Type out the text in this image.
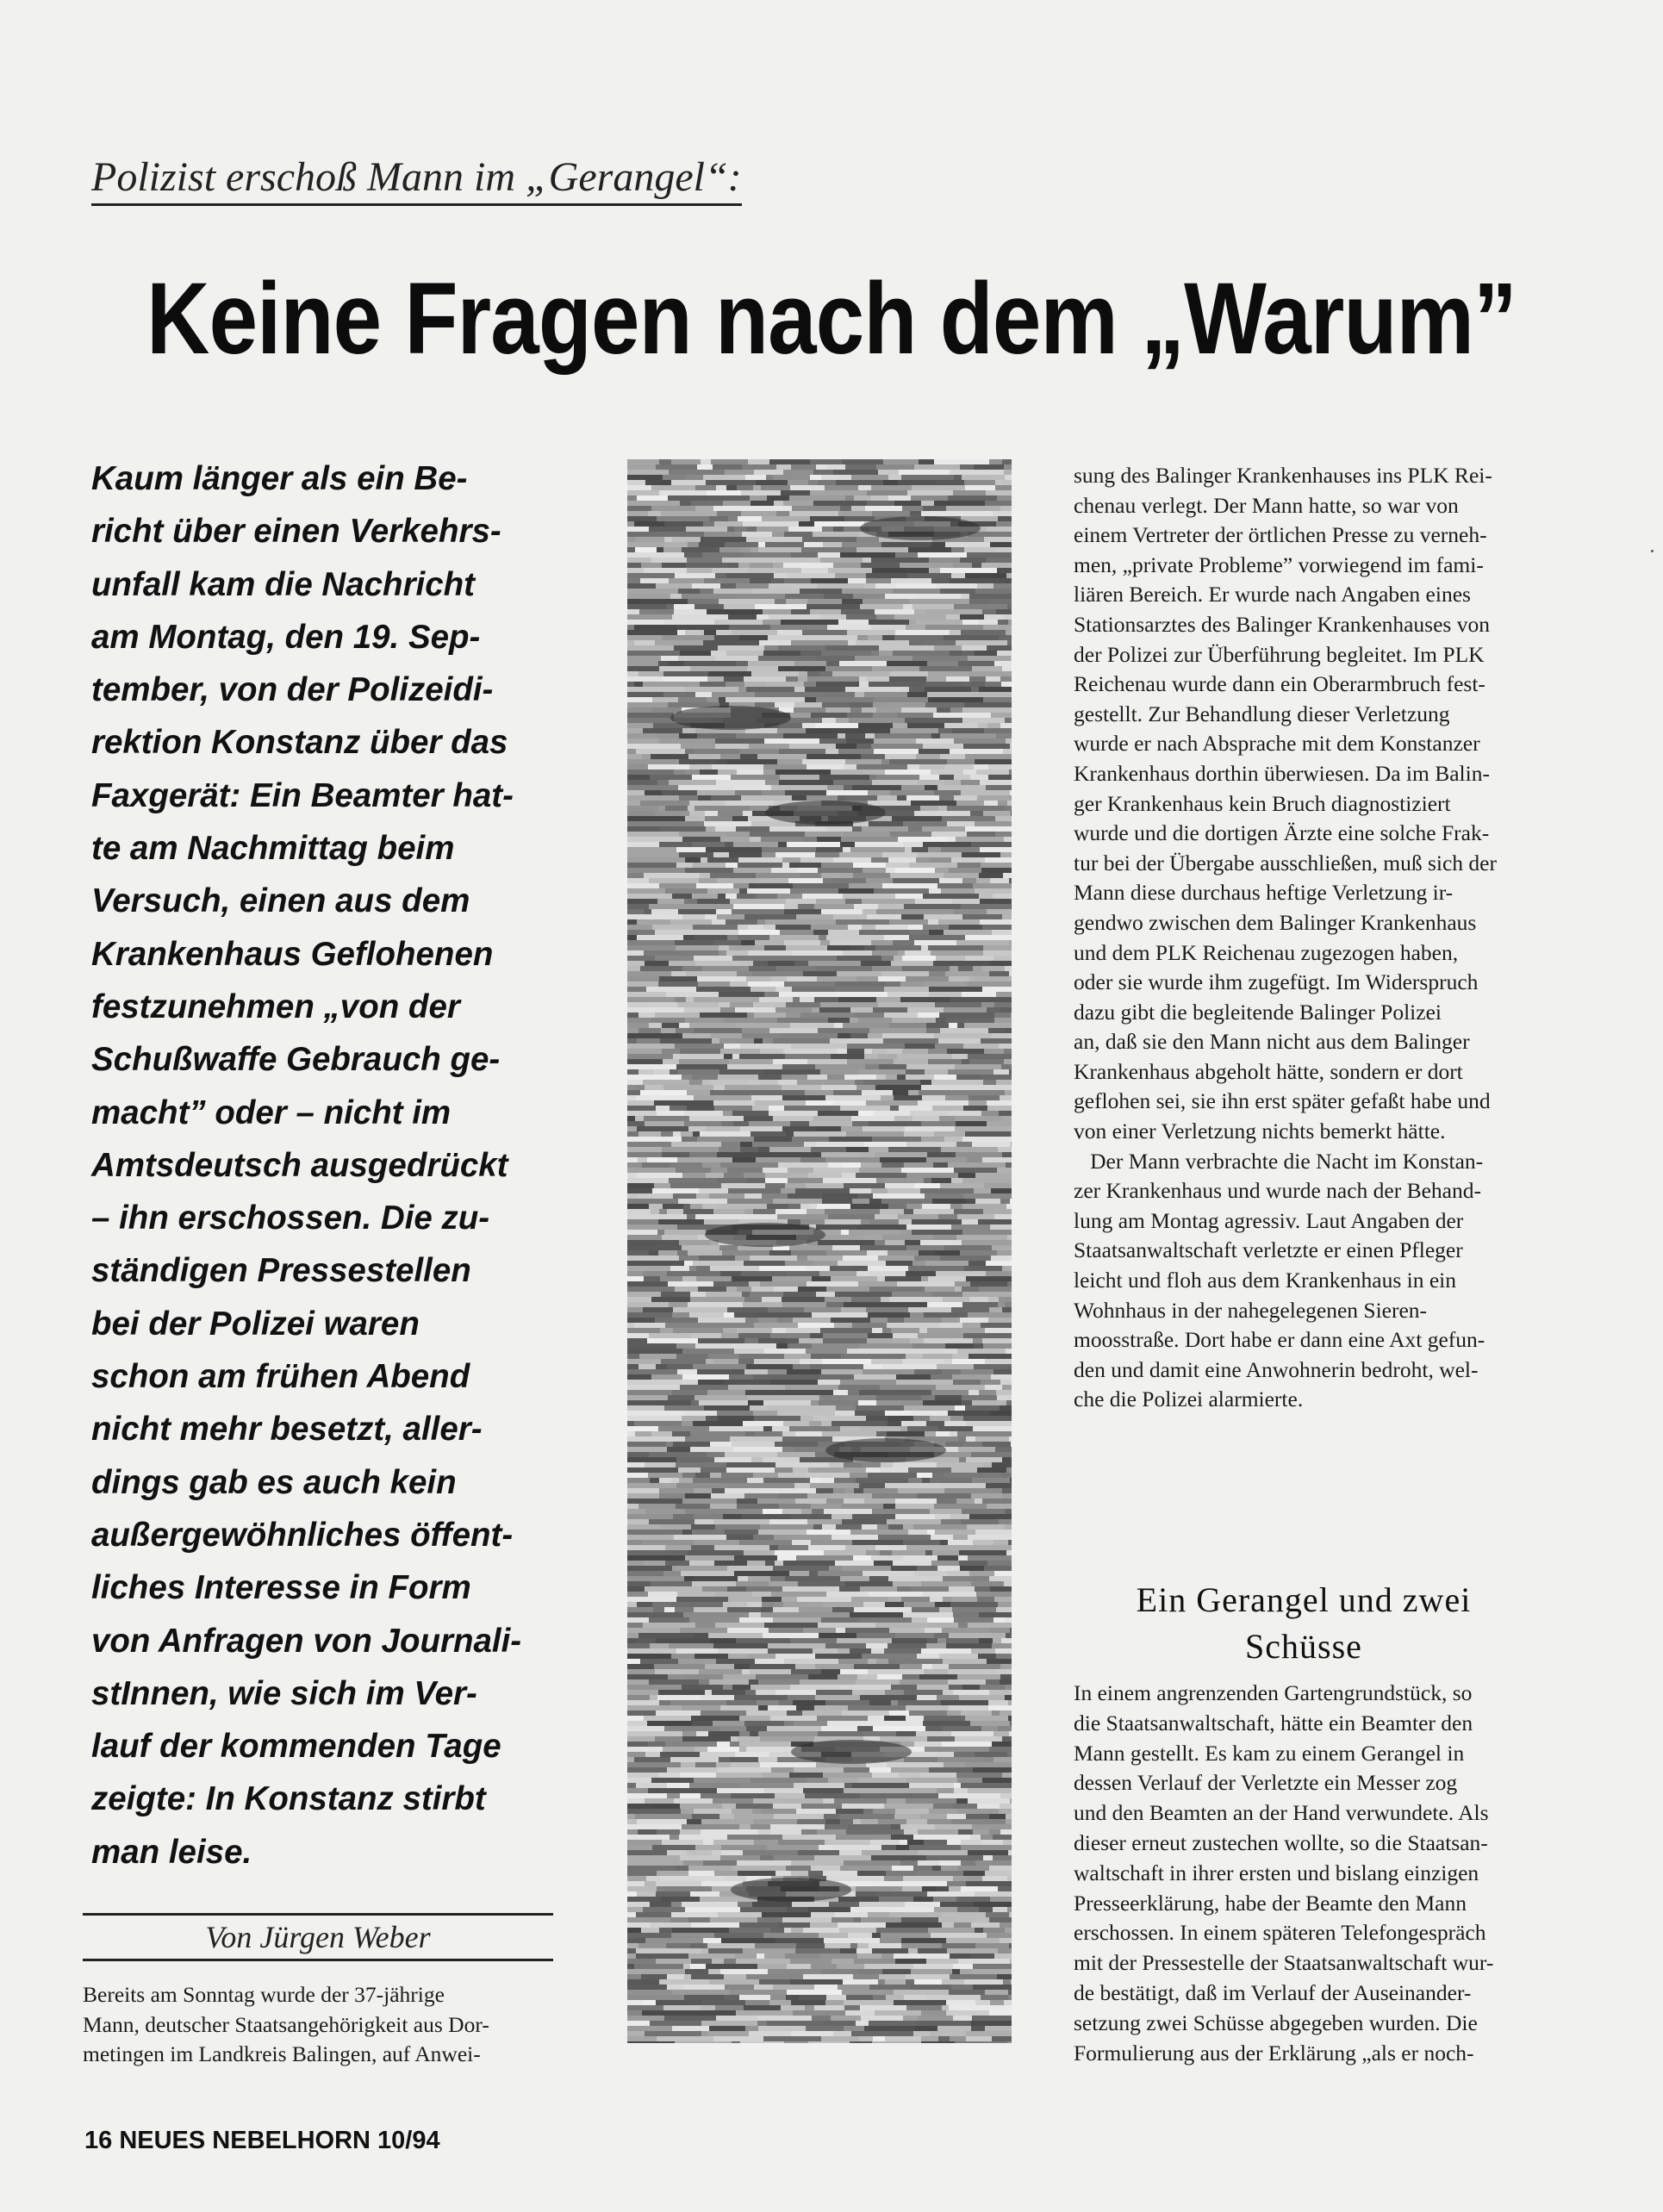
Polizist erschoß Mann im „Gerangel“:
Keine Fragen nach dem „Warum”
Kaum länger als ein Be-
richt über einen Verkehrs-
unfall kam die Nachricht
am Montag, den 19. Sep-
tember, von der Polizeidi-
rektion Konstanz über das
Faxgerät: Ein Beamter hat-
te am Nachmittag beim
Versuch, einen aus dem
Krankenhaus Geflohenen
festzunehmen „von der
Schußwaffe Gebrauch ge-
macht” oder – nicht im
Amtsdeutsch ausgedrückt
– ihn erschossen. Die zu-
ständigen Pressestellen
bei der Polizei waren
schon am frühen Abend
nicht mehr besetzt, aller-
dings gab es auch kein
außergewöhnliches öffent-
liches Interesse in Form
von Anfragen von Journali-
stInnen, wie sich im Ver-
lauf der kommenden Tage
zeigte: In Konstanz stirbt
man leise.
Von Jürgen Weber
Bereits am Sonntag wurde der 37-jährige
Mann, deutscher Staatsangehörigkeit aus Dor-
metingen im Landkreis Balingen, auf Anwei-
sung des Balinger Krankenhauses ins PLK Rei-
chenau verlegt. Der Mann hatte, so war von
einem Vertreter der örtlichen Presse zu verneh-
men, „private Probleme” vorwiegend im fami-
liären Bereich. Er wurde nach Angaben eines
Stationsarztes des Balinger Krankenhauses von
der Polizei zur Überführung begleitet. Im PLK
Reichenau wurde dann ein Oberarmbruch fest-
gestellt. Zur Behandlung dieser Verletzung
wurde er nach Absprache mit dem Konstanzer
Krankenhaus dorthin überwiesen. Da im Balin-
ger Krankenhaus kein Bruch diagnostiziert
wurde und die dortigen Ärzte eine solche Frak-
tur bei der Übergabe ausschließen, muß sich der
Mann diese durchaus heftige Verletzung ir-
gendwo zwischen dem Balinger Krankenhaus
und dem PLK Reichenau zugezogen haben,
oder sie wurde ihm zugefügt. Im Widerspruch
dazu gibt die begleitende Balinger Polizei
an, daß sie den Mann nicht aus dem Balinger
Krankenhaus abgeholt hätte, sondern er dort
geflohen sei, sie ihn erst später gefaßt habe und
von einer Verletzung nichts bemerkt hätte.
Der Mann verbrachte die Nacht im Konstan-
zer Krankenhaus und wurde nach der Behand-
lung am Montag agressiv. Laut Angaben der
Staatsanwaltschaft verletzte er einen Pfleger
leicht und floh aus dem Krankenhaus in ein
Wohnhaus in der nahegelegenen Sieren-
moosstraße. Dort habe er dann eine Axt gefun-
den und damit eine Anwohnerin bedroht, wel-
che die Polizei alarmierte.
Ein Gerangel und zwei
Schüsse
In einem angrenzenden Gartengrundstück, so
die Staatsanwaltschaft, hätte ein Beamter den
Mann gestellt. Es kam zu einem Gerangel in
dessen Verlauf der Verletzte ein Messer zog
und den Beamten an der Hand verwundete. Als
dieser erneut zustechen wollte, so die Staatsan-
waltschaft in ihrer ersten und bislang einzigen
Presseerklärung, habe der Beamte den Mann
erschossen. In einem späteren Telefongespräch
mit der Pressestelle der Staatsanwaltschaft wur-
de bestätigt, daß im Verlauf der Auseinander-
setzung zwei Schüsse abgegeben wurden. Die
Formulierung aus der Erklärung „als er noch-
16 NEUES NEBELHORN 10/94
